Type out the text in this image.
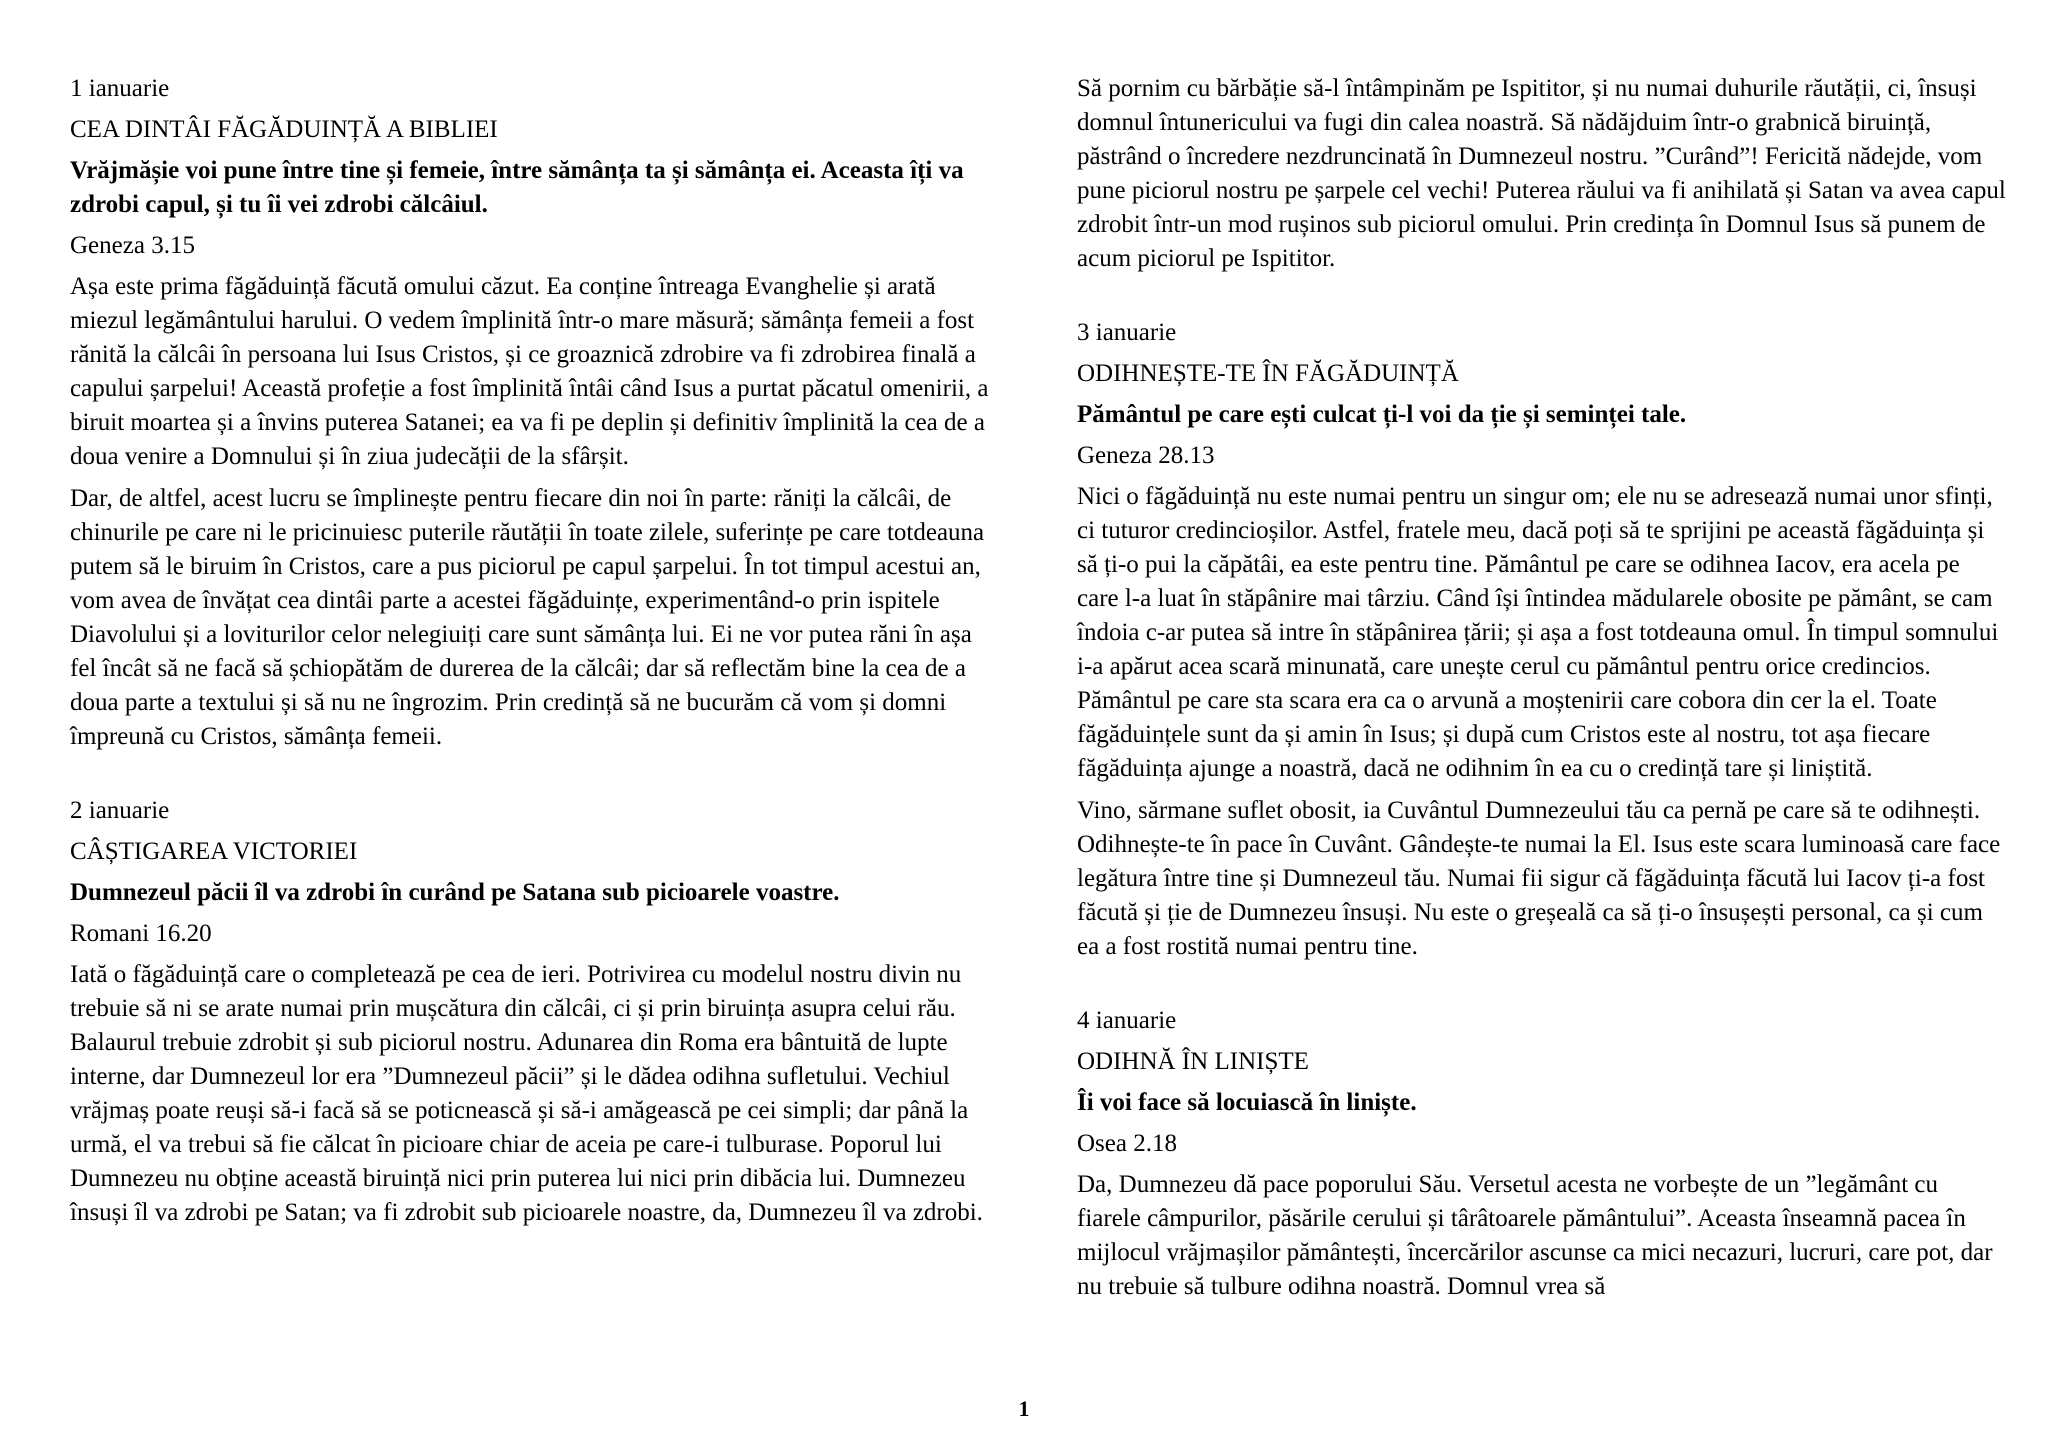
1 ianuarie

CEA DINTÂI FĂGĂDUINȚĂ A BIBLIEI

Vrăjmășie voi pune între tine și femeie, între sămânța ta și sămânța ei. Aceasta îți va zdrobi capul, și tu îi vei zdrobi călcâiul.

Geneza 3.15

Așa este prima făgăduință făcută omului căzut. Ea conține întreaga Evanghelie și arată miezul legământului harului. O vedem împlinită într-o mare măsură; sămânța femeii a fost rănită la călcâi în persoana lui Isus Cristos, și ce groaznică zdrobire va fi zdrobirea finală a capului șarpelui! Această profeție a fost împlinită întâi când Isus a purtat păcatul omenirii, a biruit moartea și a învins puterea Satanei; ea va fi pe deplin și definitiv împlinită la cea de a doua venire a Domnului și în ziua judecății de la sfârșit.

Dar, de altfel, acest lucru se împlinește pentru fiecare din noi în parte: răniți la călcâi, de chinurile pe care ni le pricinuiesc puterile răutății în toate zilele, suferințe pe care totdeauna putem să le biruim în Cristos, care a pus piciorul pe capul șarpelui. În tot timpul acestui an, vom avea de învățat cea dintâi parte a acestei făgăduințe, experimentând-o prin ispitele Diavolului și a loviturilor celor nelegiuiți care sunt sămânța lui. Ei ne vor putea răni în așa fel încât să ne facă să șchiopătăm de durerea de la călcâi; dar să reflectăm bine la cea de a doua parte a textului și să nu ne îngrozim. Prin credință să ne bucurăm că vom și domni împreună cu Cristos, sămânța femeii.

2 ianuarie

CÂȘTIGAREA VICTORIEI

Dumnezeul păcii îl va zdrobi în curând pe Satana sub picioarele voastre.

Romani 16.20

Iată o făgăduință care o completează pe cea de ieri. Potrivirea cu modelul nostru divin nu trebuie să ni se arate numai prin mușcătura din călcâi, ci și prin biruința asupra celui rău. Balaurul trebuie zdrobit și sub piciorul nostru. Adunarea din Roma era bântuită de lupte interne, dar Dumnezeul lor era ”Dumnezeul păcii” și le dădea odihna sufletului. Vechiul vrăjmaș poate reuși să-i facă să se poticnească și să-i amăgească pe cei simpli; dar până la urmă, el va trebui să fie călcat în picioare chiar de aceia pe care-i tulburase. Poporul lui Dumnezeu nu obține această biruință nici prin puterea lui nici prin dibăcia lui. Dumnezeu însuși îl va zdrobi pe Satan; va fi zdrobit sub picioarele noastre, da, Dumnezeu îl va zdrobi.

Să pornim cu bărbăție să-l întâmpinăm pe Ispititor, și nu numai duhurile răutății, ci, însuși domnul întunericului va fugi din calea noastră. Să nădăjduim într-o grabnică biruință, păstrând o încredere nezdruncinată în Dumnezeul nostru. ”Curând”! Fericită nădejde, vom pune piciorul nostru pe șarpele cel vechi! Puterea răului va fi anihilată și Satan va avea capul zdrobit într-un mod rușinos sub piciorul omului. Prin credința în Domnul Isus să punem de acum piciorul pe Ispititor.

3 ianuarie

ODIHNEȘTE-TE ÎN FĂGĂDUINȚĂ

Pământul pe care ești culcat ți-l voi da ție și seminței tale.

Geneza 28.13

Nici o făgăduință nu este numai pentru un singur om; ele nu se adresează numai unor sfinți, ci tuturor credincioșilor. Astfel, fratele meu, dacă poți să te sprijini pe această făgăduința și să ți-o pui la căpătâi, ea este pentru tine. Pământul pe care se odihnea Iacov, era acela pe care l-a luat în stăpânire mai târziu. Când își întindea mădularele obosite pe pământ, se cam îndoia c-ar putea să intre în stăpânirea țării; și așa a fost totdeauna omul. În timpul somnului i-a apărut acea scară minunată, care unește cerul cu pământul pentru orice credincios. Pământul pe care sta scara era ca o arvună a moștenirii care cobora din cer la el. Toate făgăduințele sunt da și amin în Isus; și după cum Cristos este al nostru, tot așa fiecare făgăduința ajunge a noastră, dacă ne odihnim în ea cu o credință tare și liniștită.

Vino, sărmane suflet obosit, ia Cuvântul Dumnezeului tău ca pernă pe care să te odihnești. Odihnește-te în pace în Cuvânt. Gândește-te numai la El. Isus este scara luminoasă care face legătura între tine și Dumnezeul tău. Numai fii sigur că făgăduința făcută lui Iacov ți-a fost făcută și ție de Dumnezeu însuși. Nu este o greșeală ca să ți-o însușești personal, ca și cum ea a fost rostită numai pentru tine.

4 ianuarie

ODIHNĂ ÎN LINIȘTE

Îi voi face să locuiască în liniște.

Osea 2.18

Da, Dumnezeu dă pace poporului Său. Versetul acesta ne vorbește de un ”legământ cu fiarele câmpurilor, păsările cerului și târâtoarele pământului”. Aceasta înseamnă pacea în mijlocul vrăjmașilor pământești, încercărilor ascunse ca mici necazuri, lucruri, care pot, dar nu trebuie să tulbure odihna noastră. Domnul vrea să

1
